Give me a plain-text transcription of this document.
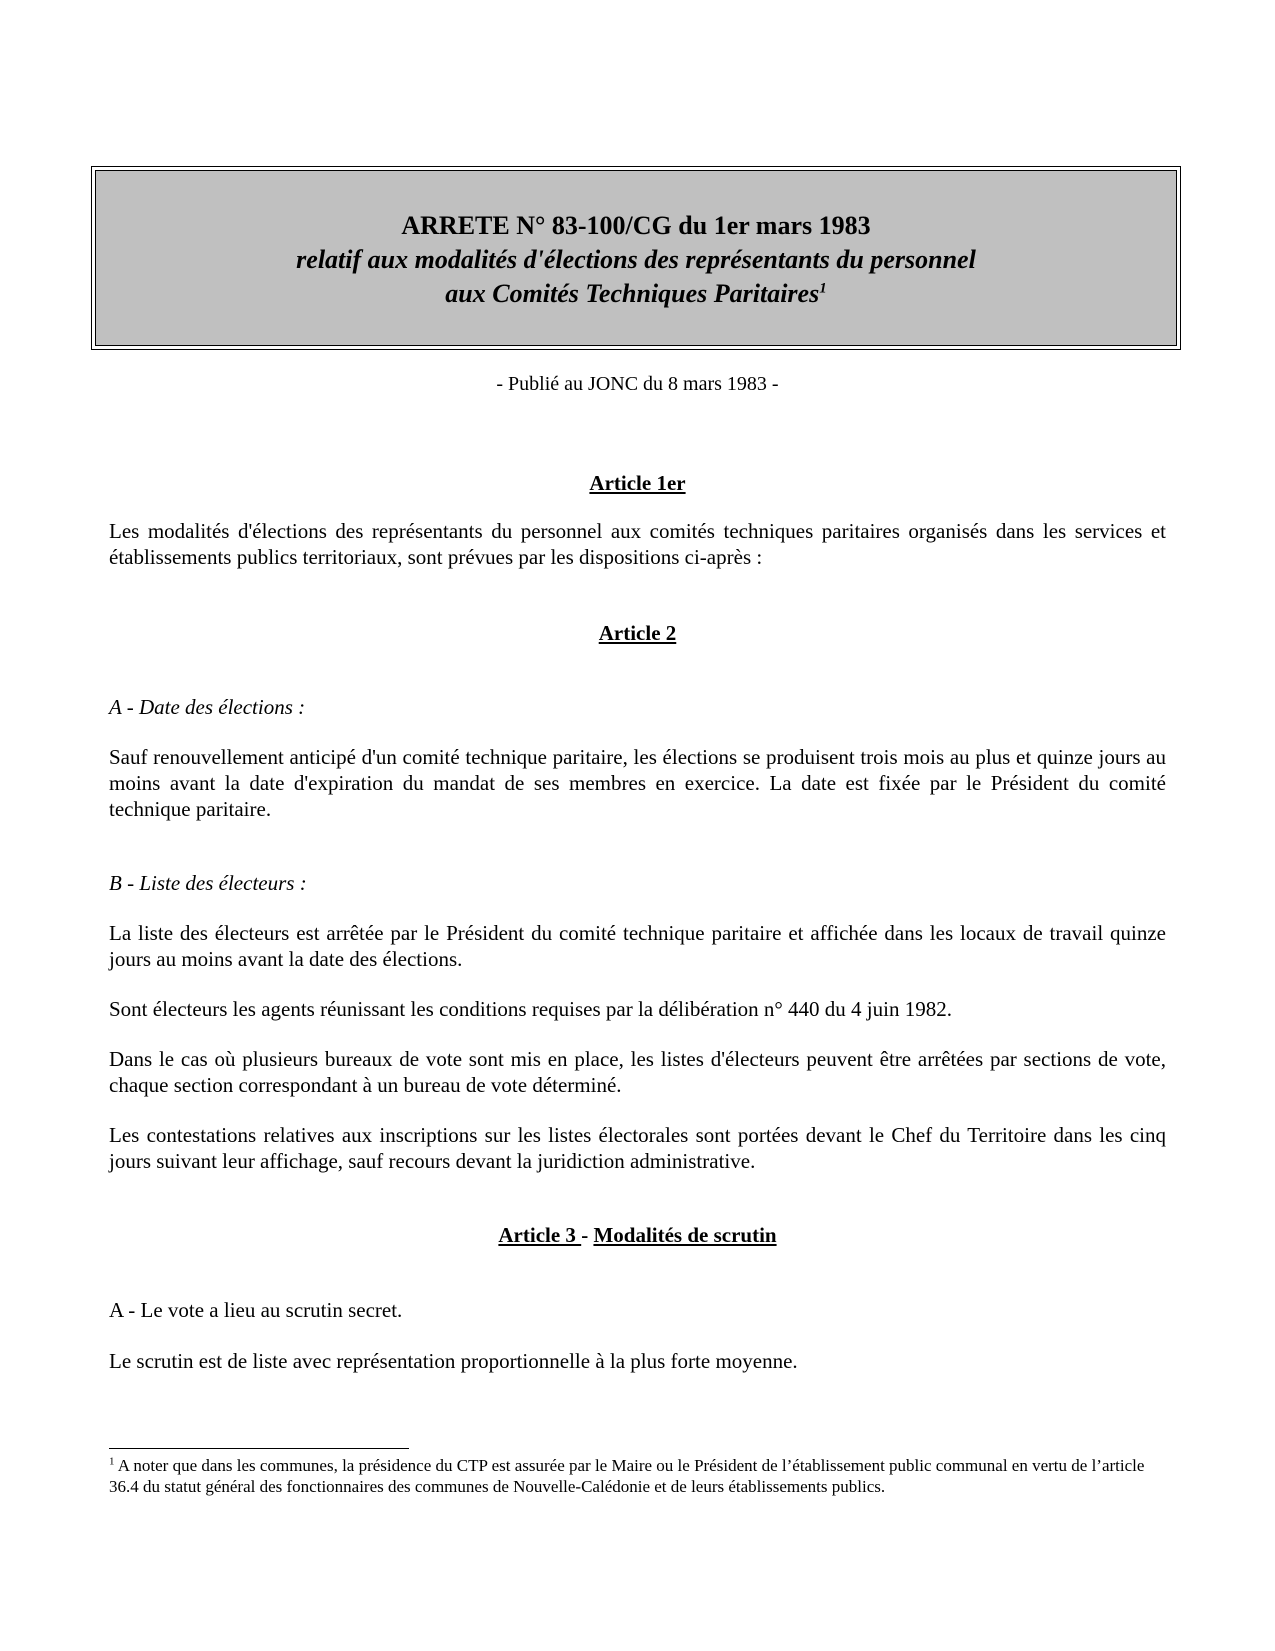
ARRETE N° 83-100/CG du 1er mars 1983
relatif aux modalités d'élections des représentants du personnel
aux Comités Techniques Paritaires$^1$
- Publié au JONC du 8 mars 1983 -
Article 1er
Les modalités d'élections des représentants du personnel aux comités techniques paritaires organisés dans les services et établissements publics territoriaux, sont prévues par les dispositions ci-après :
Article 2
A - Date des élections :
Sauf renouvellement anticipé d'un comité technique paritaire, les élections se produisent trois mois au plus et quinze jours au moins avant la date d'expiration du mandat de ses membres en exercice. La date est fixée par le Président du comité technique paritaire.
B - Liste des électeurs :
La liste des électeurs est arrêtée par le Président du comité technique paritaire et affichée dans les locaux de travail quinze jours au moins avant la date des élections.
Sont électeurs les agents réunissant les conditions requises par la délibération n° 440 du 4 juin 1982.
Dans le cas où plusieurs bureaux de vote sont mis en place, les listes d'électeurs peuvent être arrêtées par sections de vote, chaque section correspondant à un bureau de vote déterminé.
Les contestations relatives aux inscriptions sur les listes électorales sont portées devant le Chef du Territoire dans les cinq jours suivant leur affichage, sauf recours devant la juridiction administrative.
Article 3 - Modalités de scrutin
A - Le vote a lieu au scrutin secret.
Le scrutin est de liste avec représentation proportionnelle à la plus forte moyenne.
$^1$ A noter que dans les communes, la présidence du CTP est assurée par le Maire ou le Président de l’établissement public communal en vertu de l’article 36.4 du statut général des fonctionnaires des communes de Nouvelle-Calédonie et de leurs établissements publics.
